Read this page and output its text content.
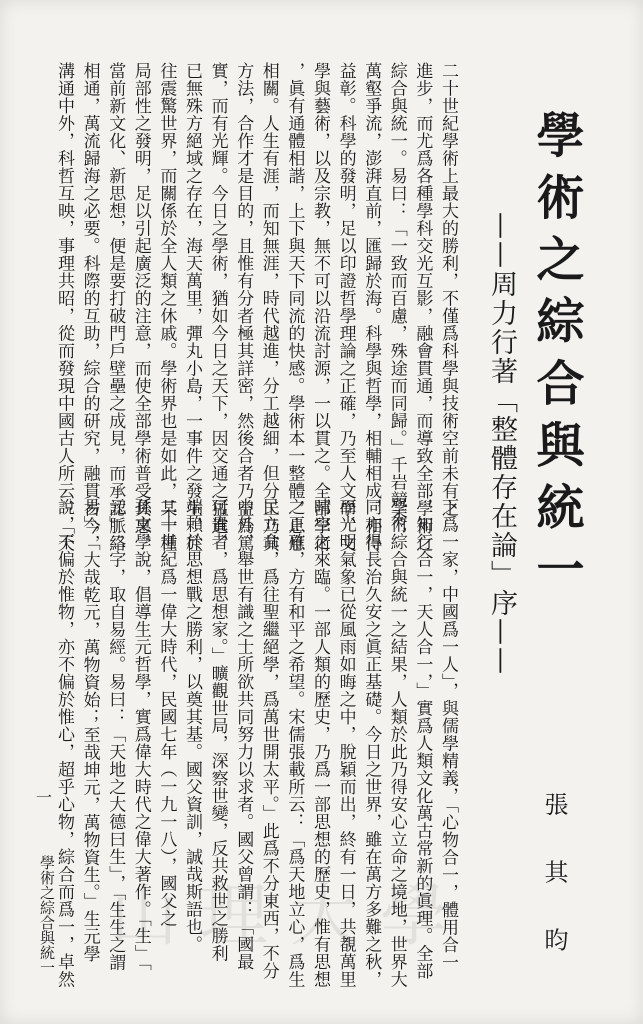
學術之綜合與統一
——周力行著「整體存在論」序——
張 其 昀
二十世紀學術上最大的勝利，不僅爲科學與技術空前未有之
進步，而尤爲各種學科交光互影，融會貫通，而導致全部學術之
綜合與統一。易曰：「一致而百慮，殊途而同歸。」千岩競秀，
萬壑爭流，澎湃直前，匯歸於海。科學與哲學，相輔相成，相得
益彰。科學的發明，足以印證哲學理論之正確，乃至人文學、文
學與藝術，以及宗教，無不可以沿流討源，一以貫之。全部學術
，眞有通體相諧，上下與天下同流的快感。學術本一整體，息息
相關。人生有涯，而知無涯，時代越進，分工越細，但分工乃其
方法，合作才是目的，且惟有分者極其詳密，然後合者乃益爲篤
實，而有光輝。今日之學術，猶如今日之天下，因交通之猛進，
已無殊方絕域之存在，海天萬里，彈丸小島，一事件之發生，往
往震驚世界，而關係於全人類之休戚。學術界也是如此，某一種
局部性之發明，足以引起廣泛的注意，而使全部學術普受其惠。
當前新文化、新思想，便是要打破門戶壁壘之成見，而承認脈絡
相通，萬流歸海之必要。科際的互助，綜合的研究，融貫古今，
溝通中外，科哲互映，事理共昭，從而發現中國古人所云：「天
下爲一家，中國爲一人」，與儒學精義，「心物合一，體用合一
，知行合一，天人合一，」實爲人類文化萬古常新的眞理。全部
學術綜合與統一之結果，人類於此乃得安心立命之境地，世界大
同亦得長治久安之眞正基礎。今日之世界，雖在萬方多難之秋，
而光明氣象已從風雨如晦之中，脫穎而出，終有一日，共覩萬里
晴空之來臨。一部人類的歷史，乃爲一部思想的歷史，惟有思想
之正確，方有和平之希望。宋儒張載所云：「爲天地立心，爲生
民立命，爲往聖繼絕學，爲萬世開太平。」此爲不分東西，不分
中外，舉世有識之士所欲共同努力以求者。國父曾謂：「國最
可貴者，爲思想家。」曠觀世局，深察世變，反共救世之勝利
端賴於思想戰之勝利，以奠其基。國父資訓，誠哉斯語也。
二十世紀爲一偉大時代，民國七年（一九一八），國父之
孫文學說，倡導生元哲學，實爲偉大時代之偉大著作。「生」「
元」二字，取自易經。易曰：「天地之大德曰生」，「生生之謂
易」，「大哉乾元，萬物資始；至哉坤元，萬物資生。」生元學
說，不偏於惟物，亦不偏於惟心，超乎心物，綜合而爲一，卓然
學術之綜合與統一
一
山理大學
